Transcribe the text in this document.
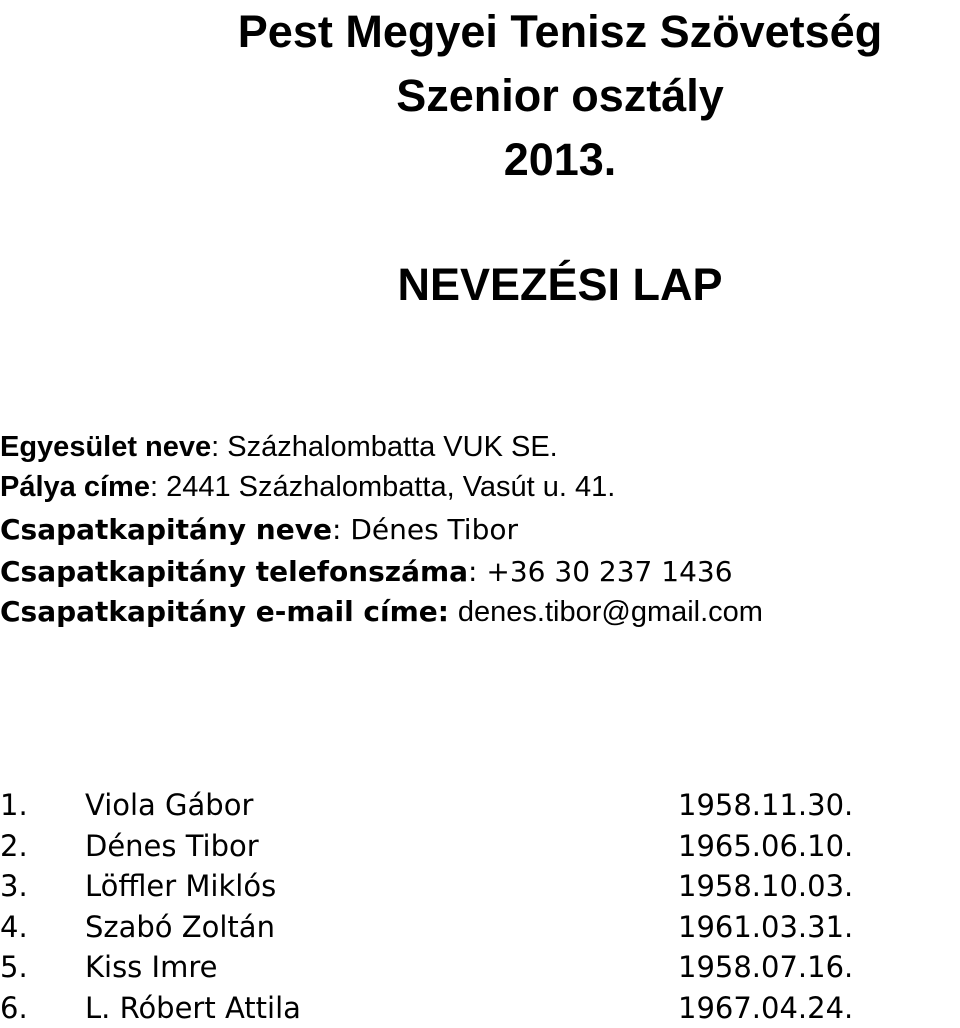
Pest Megyei Tenisz Szövetség
Szenior osztály
2013.
NEVEZÉSI LAP
Egyesület neve: Százhalombatta VUK SE.
Pálya címe: 2441 Százhalombatta, Vasút u. 41.
Csapatkapitány neve: Dénes Tibor
Csapatkapitány telefonszáma: +36 30 237 1436
Csapatkapitány e-mail címe: denes.tibor@gmail.com
1. Viola Gábor	1958.11.30.
2. Dénes Tibor	1965.06.10.
3. Löffler Miklós	1958.10.03.
4. Szabó Zoltán	1961.03.31.
5. Kiss Imre	1958.07.16.
6. L. Róbert Attila	1967.04.24.
